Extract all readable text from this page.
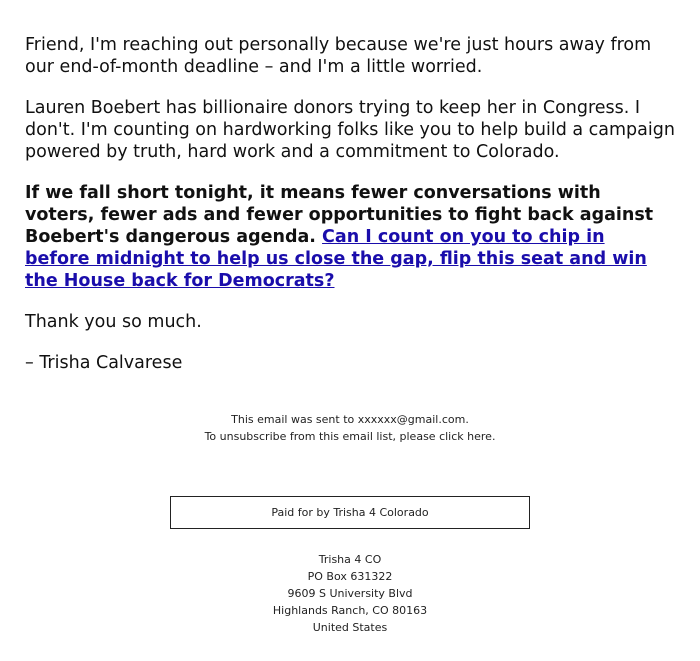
Friend, I'm reaching out personally because we're just hours away from our end-of-month deadline – and I'm a little worried.

Lauren Boebert has billionaire donors trying to keep her in Congress. I don't. I'm counting on hardworking folks like you to help build a campaign powered by truth, hard work and a commitment to Colorado.

If we fall short tonight, it means fewer conversations with voters, fewer ads and fewer opportunities to fight back against Boebert's dangerous agenda. Can I count on you to chip in before midnight to help us close the gap, flip this seat and win the House back for Democrats?

Thank you so much.

– Trisha Calvarese

This email was sent to xxxxxx@gmail.com.
To unsubscribe from this email list, please click here.
Paid for by Trisha 4 Colorado
Trisha 4 CO
PO Box 631322
9609 S University Blvd
Highlands Ranch, CO 80163
United States
